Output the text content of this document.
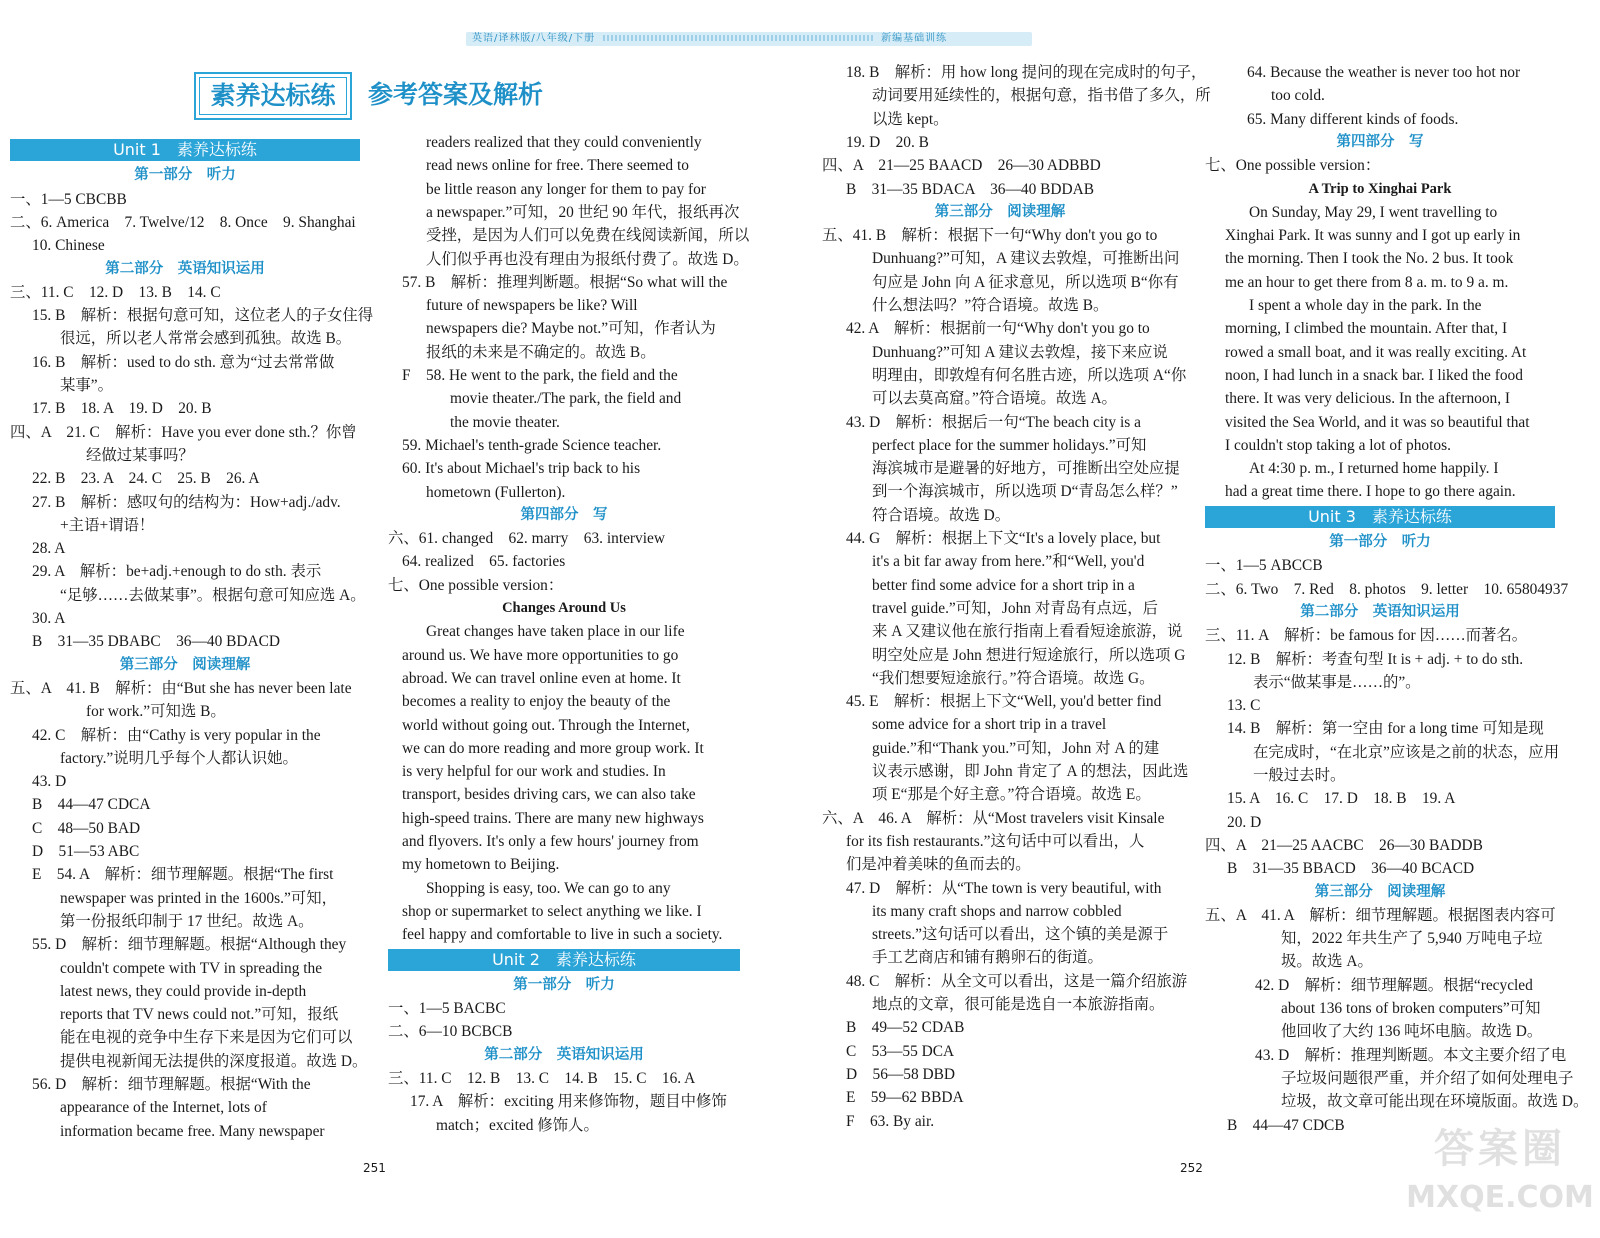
英语/译林版/八年级/下册	新编基础训练
素养达标练	参考答案及解析
Unit 1　素养达标练
第一部分　听力
一、1—5 CBCBB
二、6. America　7. Twelve/12　8. Once　9. Shanghai
10. Chinese
第二部分　英语知识运用
三、11. C　12. D　13. B　14. C
15. B　解析：根据句意可知，这位老人的子女住得
很远，所以老人常常会感到孤独。故选 B。
16. B　解析：used to do sth. 意为“过去常常做
某事”。
17. B　18. A　19. D　20. B
四、A　21. C　解析：Have you ever done sth.？你曾
经做过某事吗？
22. B　23. A　24. C　25. B　26. A
27. B　解析：感叹句的结构为：How+adj./adv.
+主语+谓语！
28. A
29. A　解析：be+adj.+enough to do sth. 表示
“足够……去做某事”。根据句意可知应选 A。
30. A
B　31—35 DBABC　36—40 BDACD
第三部分　阅读理解
五、A　41. B　解析：由“But she has never been late
for work.”可知选 B。
42. C　解析：由“Cathy is very popular in the
factory.”说明几乎每个人都认识她。
43. D
B　44—47 CDCA
C　48—50 BAD
D　51—53 ABC
E　54. A　解析：细节理解题。根据“The first
newspaper was printed in the 1600s.”可知，
第一份报纸印制于 17 世纪。故选 A。
55. D　解析：细节理解题。根据“Although they
couldn't compete with TV in spreading the
latest news, they could provide in-depth
reports that TV news could not.”可知，报纸
能在电视的竞争中生存下来是因为它们可以
提供电视新闻无法提供的深度报道。故选 D。
56. D　解析：细节理解题。根据“With the
appearance of the Internet, lots of
information became free. Many newspaper
readers realized that they could conveniently
read news online for free. There seemed to
be little reason any longer for them to pay for
a newspaper.”可知，20 世纪 90 年代，报纸再次
受挫，是因为人们可以免费在线阅读新闻，所以
人们似乎再也没有理由为报纸付费了。故选 D。
57. B　解析：推理判断题。根据“So what will the
future of newspapers be like? Will
newspapers die? Maybe not.”可知，作者认为
报纸的未来是不确定的。故选 B。
F　58. He went to the park, the field and the
movie theater./The park, the field and
the movie theater.
59. Michael's tenth-grade Science teacher.
60. It's about Michael's trip back to his
hometown (Fullerton).
第四部分　写
六、61. changed　62. marry　63. interview
64. realized　65. factories
七、One possible version：
Changes Around Us
Great changes have taken place in our life
around us. We have more opportunities to go
abroad. We can travel online even at home. It
becomes a reality to enjoy the beauty of the
world without going out. Through the Internet,
we can do more reading and more group work. It
is very helpful for our work and studies. In
transport, besides driving cars, we can also take
high-speed trains. There are many new highways
and flyovers. It's only a few hours' journey from
my hometown to Beijing.
Shopping is easy, too. We can go to any
shop or supermarket to select anything we like. I
feel happy and comfortable to live in such a society.
Unit 2　素养达标练
第一部分　听力
一、1—5 BACBC
二、6—10 BCBCB
第二部分　英语知识运用
三、11. C　12. B　13. C　14. B　15. C　16. A
17. A　解析：exciting 用来修饰物，题目中修饰
match；excited 修饰人。
18. B　解析：用 how long 提问的现在完成时的句子，
动词要用延续性的，根据句意，指书借了多久，所
以选 kept。
19. D　20. B
四、A　21—25 BAACD　26—30 ADBBD
B　31—35 BDACA　36—40 BDDAB
第三部分　阅读理解
五、41. B　解析：根据下一句“Why don't you go to
Dunhuang?”可知，A 建议去敦煌，可推断出问
句应是 John 向 A 征求意见，所以选项 B“你有
什么想法吗？”符合语境。故选 B。
42. A　解析：根据前一句“Why don't you go to
Dunhuang?”可知 A 建议去敦煌，接下来应说
明理由，即敦煌有何名胜古迹，所以选项 A“你
可以去莫高窟。”符合语境。故选 A。
43. D　解析：根据后一句“The beach city is a
perfect place for the summer holidays.”可知
海滨城市是避暑的好地方，可推断出空处应提
到一个海滨城市，所以选项 D“青岛怎么样？”
符合语境。故选 D。
44. G　解析：根据上下文“It's a lovely place, but
it's a bit far away from here.”和“Well, you'd
better find some advice for a short trip in a
travel guide.”可知，John 对青岛有点远，后
来 A 又建议他在旅行指南上看看短途旅游，说
明空处应是 John 想进行短途旅行，所以选项 G
“我们想要短途旅行。”符合语境。故选 G。
45. E　解析：根据上下文“Well, you'd better find
some advice for a short trip in a travel
guide.”和“Thank you.”可知，John 对 A 的建
议表示感谢，即 John 肯定了 A 的想法，因此选
项 E“那是个好主意。”符合语境。故选 E。
六、A　46. A　解析：从“Most travelers visit Kinsale
for its fish restaurants.”这句话中可以看出，人
们是冲着美味的鱼而去的。
47. D　解析：从“The town is very beautiful, with
its many craft shops and narrow cobbled
streets.”这句话可以看出，这个镇的美是源于
手工艺商店和铺有鹅卵石的街道。
48. C　解析：从全文可以看出，这是一篇介绍旅游
地点的文章，很可能是选自一本旅游指南。
B　49—52 CDAB
C　53—55 DCA
D　56—58 DBD
E　59—62 BBDA
F　63. By air.
64. Because the weather is never too hot nor
too cold.
65. Many different kinds of foods.
第四部分　写
七、One possible version：
A Trip to Xinghai Park
On Sunday, May 29, I went travelling to
Xinghai Park. It was sunny and I got up early in
the morning. Then I took the No. 2 bus. It took
me an hour to get there from 8 a. m. to 9 a. m.
I spent a whole day in the park. In the
morning, I climbed the mountain. After that, I
rowed a small boat, and it was really exciting. At
noon, I had lunch in a snack bar. I liked the food
there. It was very delicious. In the afternoon, I
visited the Sea World, and it was so beautiful that
I couldn't stop taking a lot of photos.
At 4:30 p. m., I returned home happily. I
had a great time there. I hope to go there again.
Unit 3　素养达标练
第一部分　听力
一、1—5 ABCCB
二、6. Two　7. Red　8. photos　9. letter　10. 65804937
第二部分　英语知识运用
三、11. A　解析：be famous for 因……而著名。
12. B　解析：考查句型 It is + adj. + to do sth.
表示“做某事是……的”。
13. C
14. B　解析：第一空由 for a long time 可知是现
在完成时，“在北京”应该是之前的状态，应用
一般过去时。
15. A　16. C　17. D　18. B　19. A
20. D
四、A　21—25 AACBC　26—30 BADDB
B　31—35 BBACD　36—40 BCACD
第三部分　阅读理解
五、A　41. A　解析：细节理解题。根据图表内容可
知，2022 年共生产了 5,940 万吨电子垃
圾。故选 A。
42. D　解析：细节理解题。根据“recycled
about 136 tons of broken computers”可知
他回收了大约 136 吨坏电脑。故选 D。
43. D　解析：推理判断题。本文主要介绍了电
子垃圾问题很严重，并介绍了如何处理电子
垃圾，故文章可能出现在环境版面。故选 D。
B　44—47 CDCB
251	252	答案圈
MXQE.COM
